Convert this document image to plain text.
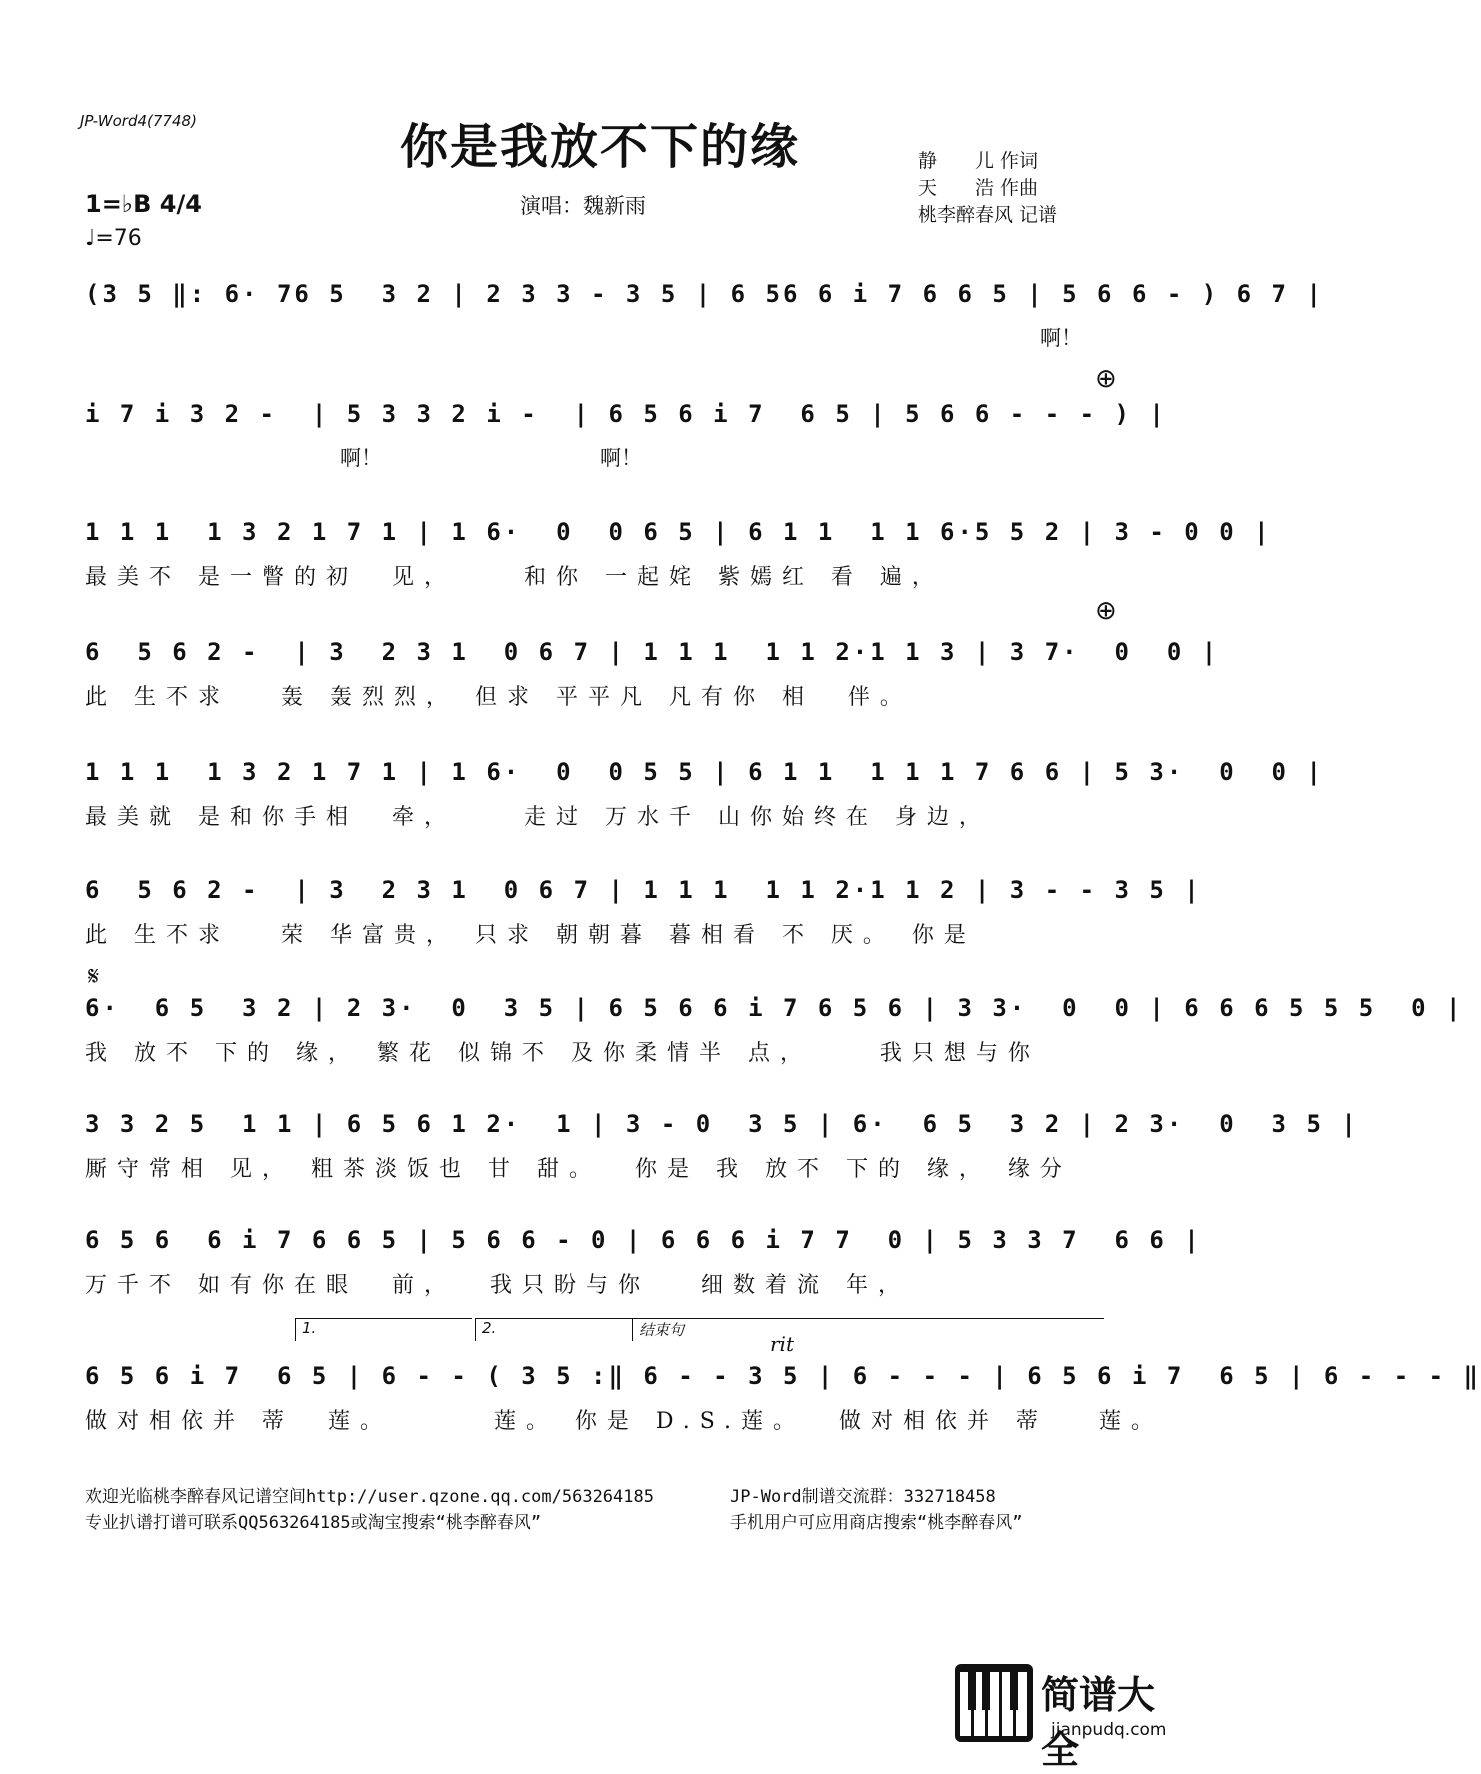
JP-Word4(7748)	你是我放不下的缘	静　　儿 作词
天　　浩 作曲
桃李醉春风 记谱
1=♭B 4/4
♩=76
演唱：魏新雨
(3 5 ‖: 6· 76 5  3 2 | 2 3 3 - 3 5 | 6 56 6 i 7 6 6 5 | 5 6 6 - ) 6 7 |
啊！
i 7 i 3 2 -  | 5 3 3 2 i -  | 6 5 6 i 7  6 5 | 5 6 6 - - - ) |
啊！	啊！
⊕
1 1 1  1 3 2 1 7 1 | 1 6·  0  0 6 5 | 6 1 1  1 1 6·5 5 2 | 3 - 0 0 |
最美不 是一瞥的初  见，    和你 一起姹 紫嫣红 看 遍，
6  5 6 2 -  | 3  2 3 1  0 6 7 | 1 1 1  1 1 2·1 1 3 | 3 7·  0  0 |
此 生不求   轰 轰烈烈， 但求 平平凡 凡有你 相  伴。
⊕
1 1 1  1 3 2 1 7 1 | 1 6·  0  0 5 5 | 6 1 1  1 1 1 7 6 6 | 5 3·  0  0 |
最美就 是和你手相  牵，    走过 万水千 山你始终在 身边，
6  5 6 2 -  | 3  2 3 1  0 6 7 | 1 1 1  1 1 2·1 1 2 | 3 - - 3 5 |
此 生不求   荣 华富贵， 只求 朝朝暮 暮相看 不 厌。 你是
𝄋
6·  6 5  3 2 | 2 3·  0  3 5 | 6 5 6 6 i 7 6 5 6 | 3 3·  0  0 | 6 6 6 5 5 5  0 |
我 放不 下的 缘， 繁花 似锦不 及你柔情半 点，    我只想与你
3 3 2 5  1 1 | 6 5 6 1 2·  1 | 3 - 0  3 5 | 6·  6 5  3 2 | 2 3·  0  3 5 |
厮守常相 见， 粗茶淡饭也 甘 甜。  你是 我 放不 下的 缘， 缘分
6 5 6  6 i 7 6 6 5 | 5 6 6 - 0 | 6 6 6 i 7 7  0 | 5 3 3 7  6 6 |
万千不 如有你在眼  前，  我只盼与你   细数着流 年，
1.	2.	结束句
rit
6 5 6 i 7  6 5 | 6 - - ( 3 5 :‖ 6 - - 3 5 | 6 - - - | 6 5 6 i 7  6 5 | 6 - - - ‖
做对相依并 蒂  莲。      莲。 你是 D.S.莲。  做对相依并 蒂   莲。
欢迎光临桃李醉春风记谱空间http://user.qzone.qq.com/563264185	JP-Word制谱交流群：332718458
专业扒谱打谱可联系QQ563264185或淘宝搜索“桃李醉春风”	手机用户可应用商店搜索“桃李醉春风”
简谱大全
jianpudq.com
